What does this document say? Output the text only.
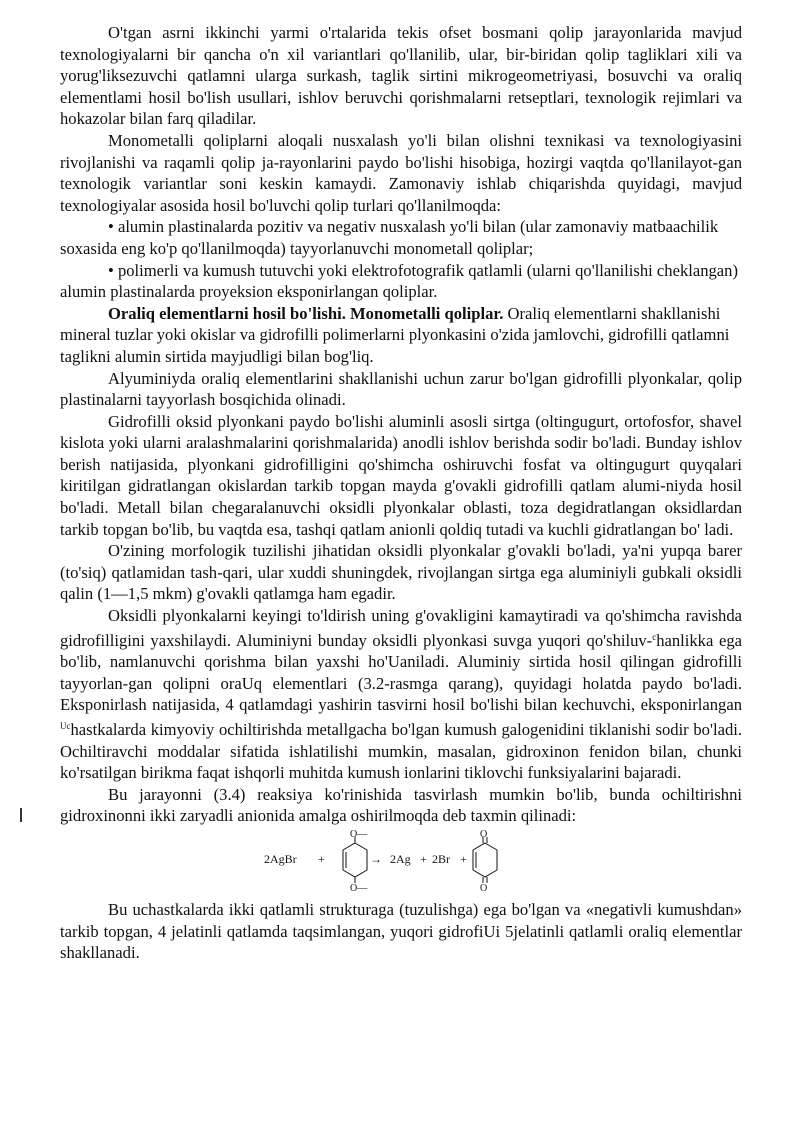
O'tgan asrni ikkinchi yarmi o'rtalarida tekis ofset bosmani qolip jarayonlarida mavjud texnologiyalarni bir qancha o'n xil variantlari qo'llanilib, ular, bir-biridan qolip tagliklari xili va yorug'liksezuvchi qatlamni ularga surkash, taglik sirtini mikrogeometriyasi, bosuvchi va oraliq elementlami hosil bo'lish usullari, ishlov beruvchi qorishmalarni retseptlari, texnologik rejimlari va hokazolar bilan farq qiladilar.

Monometalli qoliplarni aloqali nusxalash yo'li bilan olishni texnikasi va texnologiyasini rivojlanishi va raqamli qolip ja-rayonlarini paydo bo'lishi hisobiga, hozirgi vaqtda qo'llanilayot-gan texnologik variantlar soni keskin kamaydi. Zamonaviy ishlab chiqarishda quyidagi, mavjud texnologiyalar asosida hosil bo'luvchi qolip turlari qo'llanilmoqda:

• alumin plastinalarda pozitiv va negativ nusxalash yo'li bilan (ular zamonaviy matbaachilik soxasida eng ko'p qo'llanilmoqda) tayyorlanuvchi monometall qoliplar;

• polimerli va kumush tutuvchi yoki elektrofotografik qatlamli (ularni qo'llanilishi cheklangan) alumin plastinalarda proyeksion eksponirlangan qoliplar.

Oraliq elementlarni hosil bo'lishi. Monometalli qoliplar. Oraliq elementlarni shakllanishi mineral tuzlar yoki okislar va gidrofilli polimerlarni plyonkasini o'zida jamlovchi, gidrofilli qatlamni taglikni alumin sirtida mayjudligi bilan bog'liq.

Alyuminiyda oraliq elementlarini shakllanishi uchun zarur bo'lgan gidrofilli plyonkalar, qolip plastinalarni tayyorlash bosqichida olinadi.

Gidrofilli oksid plyonkani paydo bo'lishi aluminli asosli sirtga (oltingugurt, ortofosfor, shavel kislota yoki ularni aralashmalarini qorishmalarida) anodli ishlov berishda sodir bo'ladi. Bunday ishlov berish natijasida, plyonkani gidrofilligini qo'shimcha oshiruvchi fosfat va oltingugurt quyqalari kiritilgan gidratlangan okislardan tarkib topgan mayda g'ovakli gidrofilli qatlam alumi-niyda hosil bo'ladi. Metall bilan chegaralanuvchi oksidli plyonkalar oblasti, toza degidratlangan oksidlardan tarkib topgan bo'lib, bu vaqtda esa, tashqi qatlam anionli qoldiq tutadi va kuchli gidratlangan bo' ladi.

O'zining morfologik tuzilishi jihatidan oksidli plyonkalar g'ovakli bo'ladi, ya'ni yupqa barer (to'siq) qatlamidan tash-qari, ular xuddi shuningdek, rivojlangan sirtga ega aluminiyli gubkali oksidli qalin (1—1,5 mkm) g'ovakli qatlamga ham egadir.

Oksidli plyonkalarni keyingi to'ldirish uning g'ovakligini kamaytiradi va qo'shimcha ravishda gidrofilligini yaxshilaydi. Aluminiyni bunday oksidli plyonkasi suvga yuqori qo'shiluv-$^c$hanlikka ega bo'lib, namlanuvchi qorishma bilan yaxshi ho'Uaniladi. Aluminiy sirtida hosil qilingan gidrofilli tayyorlan-gan qolipni oraUq elementlari (3.2-rasmga qarang), quyidagi holatda paydo bo'ladi. Eksponirlash natijasida, 4 qatlamdagi yashirin tasvirni hosil bo'lishi bilan kechuvchi, eksponirlangan $^{Uc}$hastkalarda kimyoviy ochiltirishda metallgacha bo'lgan kumush galogenidini tiklanishi sodir bo'ladi. Ochiltiravchi moddalar sifatida ishlatilishi mumkin, masalan, gidroxinon fenidon bilan, chunki ko'rsatilgan birikma faqat ishqorli muhitda kumush ionlarini tiklovchi funksiyalarini bajaradi.

Bu jarayonni (3.4) reaksiya ko'rinishida tasvirlash mumkin bo'lib, bunda ochiltirishni gidroxinonni ikki zaryadli anionida amalga oshirilmoqda deb taxmin qilinadi:

2AgBr +
O—
O—
→ 2Ag + 2Br +
O
O

Bu uchastkalarda ikki qatlamli strukturaga (tuzulishga) ega bo'lgan va «negativli kumushdan» tarkib topgan, 4 jelatinli qatlamda taqsimlangan, yuqori gidrofiUi 5jelatinli qatlamli oraliq elementlar shakllanadi.
